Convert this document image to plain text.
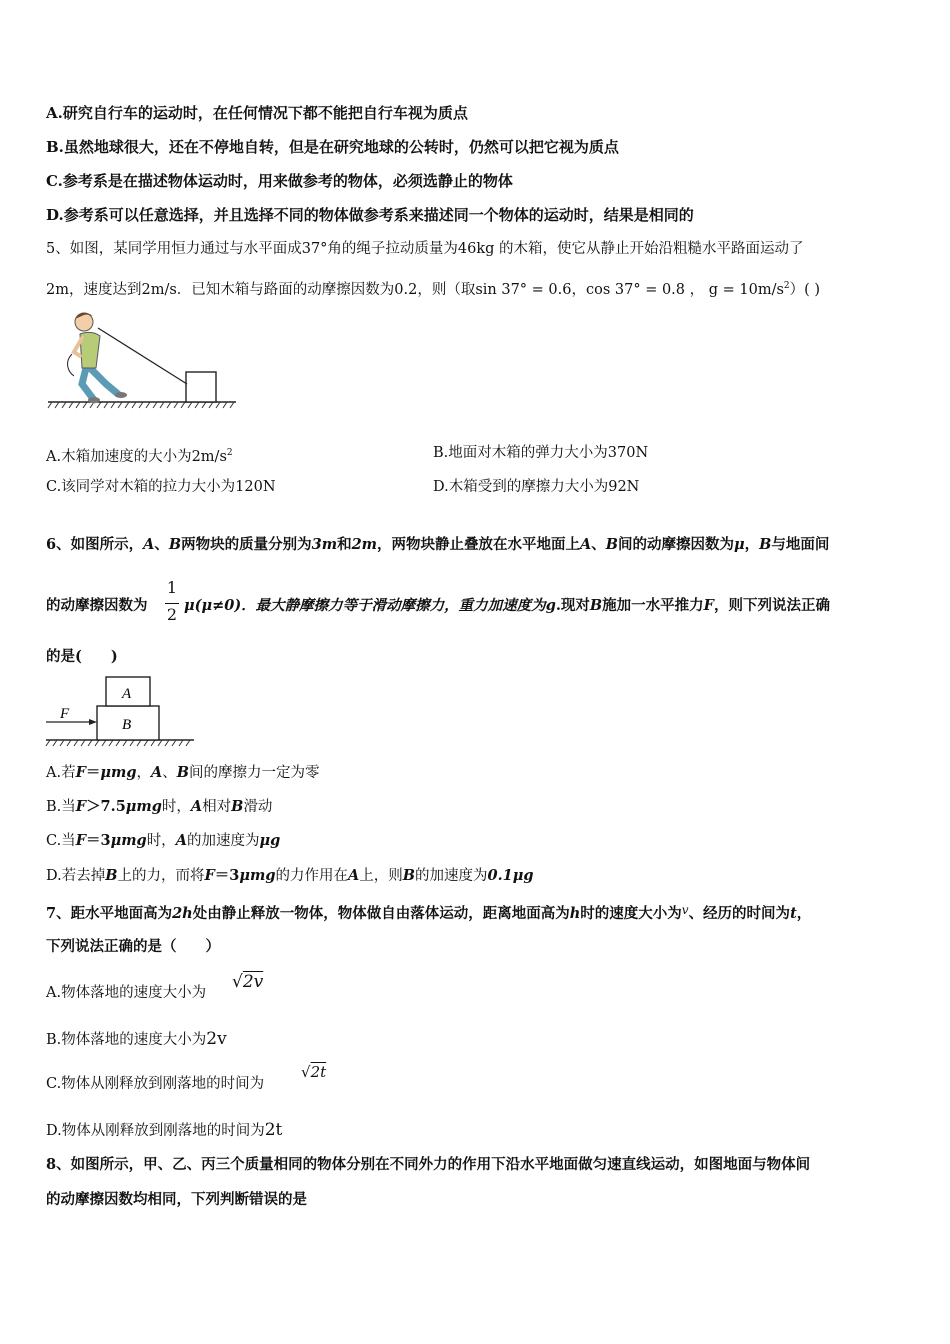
A.研究自行车的运动时，在任何情况下都不能把自行车视为质点
B.虽然地球很大，还在不停地自转，但是在研究地球的公转时，仍然可以把它视为质点
C.参考系是在描述物体运动时，用来做参考的物体，必须选静止的物体
D.参考系可以任意选择，并且选择不同的物体做参考系来描述同一个物体的运动时，结果是相同的
5、如图，某同学用恒力通过与水平面成37°角的绳子拉动质量为46kg 的木箱，使它从静止开始沿粗糙水平路面运动了
2m，速度达到2m/s．已知木箱与路面的动摩擦因数为0.2，则（取sin 37° = 0.6，cos 37° = 0.8 ， $g = 10m/s^2$）( )
A.木箱加速度的大小为$2m/s^2$	B.地面对木箱的弹力大小为370N
C.该同学对木箱的拉力大小为120N	D.木箱受到的摩擦力大小为92N
6、如图所示，A、B两物块的质量分别为3m和2m，两物块静止叠放在水平地面上A、B间的动摩擦因数为μ，B与地面间
的动摩擦因数为
1
2 μ(μ≠0)．最大静摩擦力等于滑动摩擦力，重力加速度为g.现对B施加一水平推力F，则下列说法正确
的是(　　)
F
A
B
A.若F＝μmg，A、B间的摩擦力一定为零
B.当F＞7.5μmg时，A相对B滑动
C.当F＝3μmg时，A的加速度为μg
D.若去掉B上的力，而将F＝3μmg的力作用在A上，则B的加速度为0.1μg
7、距水平地面高为2h处由静止释放一物体，物体做自由落体运动，距离地面高为h时的速度大小为$^v$、经历的时间为t，
下列说法正确的是（　　）
A.物体落地的速度大小为
√2v
B.物体落地的速度大小为2v
C.物体从刚释放到刚落地的时间为
√2t
D.物体从刚释放到刚落地的时间为2t
8、如图所示，甲、乙、丙三个质量相同的物体分别在不同外力的作用下沿水平地面做匀速直线运动，如图地面与物体间
的动摩擦因数均相同，下列判断错误的是
